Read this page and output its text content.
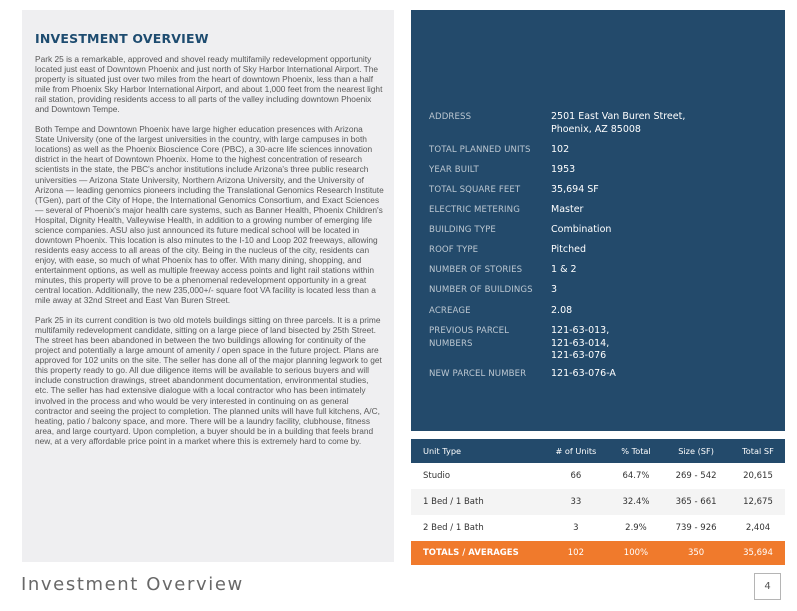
INVESTMENT OVERVIEW

Park 25 is a remarkable, approved and shovel ready multifamily redevelopment opportunity located just east of Downtown Phoenix and just north of Sky Harbor International Airport. The property is situated just over two miles from the heart of downtown Phoenix, less than a half mile from Phoenix Sky Harbor International Airport, and about 1,000 feet from the nearest light rail station, providing residents access to all parts of the valley including downtown Phoenix and Downtown Tempe.

Both Tempe and Downtown Phoenix have large higher education presences with Arizona State University (one of the largest universities in the country, with large campuses in both locations) as well as the Phoenix Bioscience Core (PBC), a 30-acre life sciences innovation district in the heart of Downtown Phoenix. Home to the highest concentration of research scientists in the state, the PBC's anchor institutions include Arizona's three public research universities — Arizona State University, Northern Arizona University, and the University of Arizona — leading genomics pioneers including the Translational Genomics Research Institute (TGen), part of the City of Hope, the International Genomics Consortium, and Exact Sciences — several of Phoenix's major health care systems, such as Banner Health, Phoenix Children's Hospital, Dignity Health, Valleywise Health, in addition to a growing number of emerging life science companies. ASU also just announced its future medical school will be located in downtown Phoenix. This location is also minutes to the I-10 and Loop 202 freeways, allowing residents easy access to all areas of the city. Being in the nucleus of the city, residents can enjoy, with ease, so much of what Phoenix has to offer. With many dining, shopping, and entertainment options, as well as multiple freeway access points and light rail stations within minutes, this property will prove to be a phenomenal redevelopment opportunity in a great central location. Additionally, the new 235,000+/- square foot VA facility is located less than a mile away at 32nd Street and East Van Buren Street.

Park 25 in its current condition is two old motels buildings sitting on three parcels. It is a prime multifamily redevelopment candidate, sitting on a large piece of land bisected by 25th Street. The street has been abandoned in between the two buildings allowing for continuity of the project and potentially a large amount of amenity / open space in the future project. Plans are approved for 102 units on the site. The seller has done all of the major planning legwork to get this property ready to go. All due diligence items will be available to serious buyers and will include construction drawings, street abandonment documentation, environmental studies, etc. The seller has had extensive dialogue with a local contractor who has been intimately involved in the process and who would be very interested in continuing on as general contractor and seeing the project to completion. The planned units will have full kitchens, A/C, heating, patio / balcony space, and more. There will be a laundry facility, clubhouse, fitness area, and large courtyard. Upon completion, a buyer should be in a building that feels brand new, at a very affordable price point in a market where this is extremely hard to come by.

ADDRESS	2501 East Van Buren Street,
Phoenix, AZ 85008
TOTAL PLANNED UNITS	102
YEAR BUILT	1953
TOTAL SQUARE FEET	35,694 SF
ELECTRIC METERING	Master
BUILDING TYPE	Combination
ROOF TYPE	Pitched
NUMBER OF STORIES	1 & 2
NUMBER OF BUILDINGS	3
ACREAGE	2.08
PREVIOUS PARCEL
NUMBERS
121-63-013,
121-63-014,
121-63-076
NEW PARCEL NUMBER	121-63-076-A
Unit Type	# of Units	% Total	Size (SF)	Total SF
Studio	66	64.7%	269 - 542	20,615
1 Bed / 1 Bath	33	32.4%	365 - 661	12,675
2 Bed / 1 Bath	3	2.9%	739 - 926	2,404
TOTALS / AVERAGES	102	100%	350	35,694
Investment Overview	4
